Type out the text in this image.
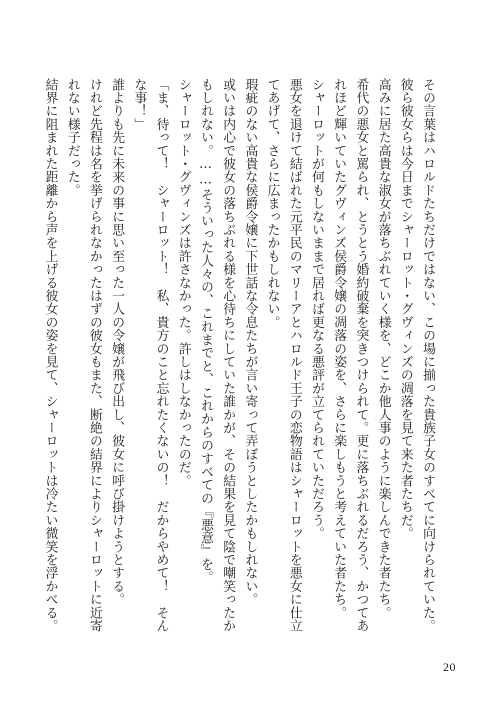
その言葉はハロルドたちだけではない、この場に揃った貴族子女のすべてに向けられていた。

彼ら彼女らは今日までシャーロット・グヴィンズの凋落を見て来た者たちだ。

高みに居た高貴な淑女が落ちぶれていく様を、どこか他人事のように楽しんできた者たち。

希代の悪女と罵られ、とうとう婚約破棄を突きつけられて。更に落ちぶれるだろう、かつてあれほど輝いていたグヴィンズ侯爵令嬢の凋落の姿を、さらに楽しもうと考えていた者たち。

シャーロットが何もしないままで居れば更なる悪評が立てられていただろう。

悪女を退けて結ばれた元平民のマリーアとハロルド王子の恋物語はシャーロットを悪女に仕立てあげて、さらに広まったかもしれない。

瑕疵のない高貴な侯爵令嬢に下世話な令息たちが言い寄って弄ぼうとしたかもしれない。

或いは内心で彼女の落ちぶれる様を心待ちにしていた誰かが、その結果を見て陰で嘲笑ったかもしれない。……そういった人々の、これまでと、これからのすべての『悪意』を。

シャーロット・グヴィンズは許さなかった。許しはしなかったのだ。

「ま、待って！　シャーロット！　私、貴方のこと忘れたくないの！　だからやめて！　そんな事！」

誰よりも先に未来の事に思い至った一人の令嬢が飛び出し、彼女に呼び掛けようとする。

けれど先程は名を挙げられなかったはずの彼女もまた、断絶の結界によりシャーロットに近寄れない様子だった。

結界に阻まれた距離から声を上げる彼女の姿を見て、シャーロットは冷たい微笑を浮かべる。

20
